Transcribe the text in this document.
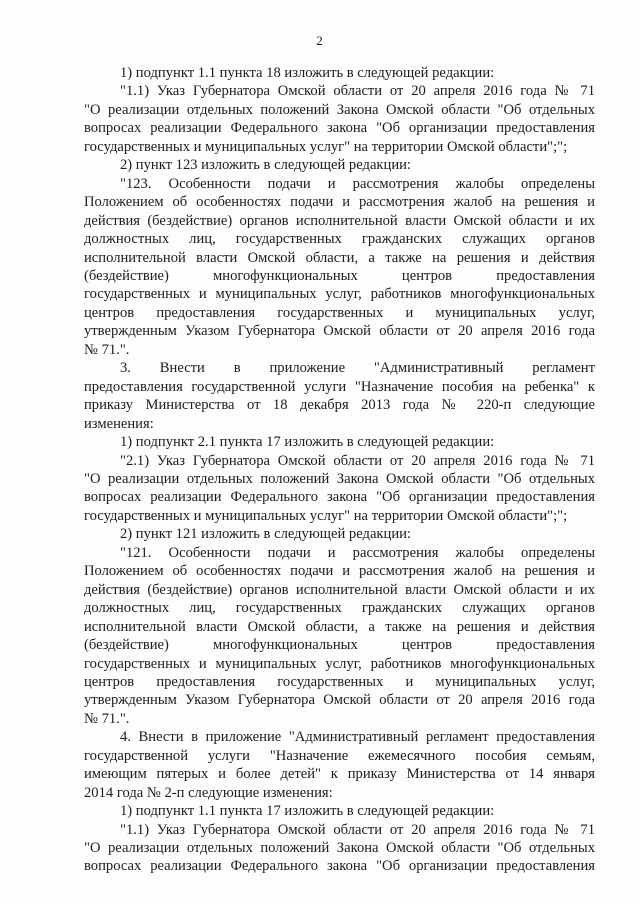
2

1) подпункт 1.1 пункта 18 изложить в следующей редакции:

"1.1) Указ Губернатора Омской области от 20 апреля 2016 года № 71

"О реализации отдельных положений Закона Омской области "Об отдельных

вопросах реализации Федерального закона "Об организации предоставления

государственных и муниципальных услуг" на территории Омской области";";

2) пункт 123 изложить в следующей редакции:

"123. Особенности подачи и рассмотрения жалобы определены

Положением об особенностях подачи и рассмотрения жалоб на решения и

действия (бездействие) органов исполнительной власти Омской области и их

должностных лиц, государственных гражданских служащих органов

исполнительной власти Омской области, а также на решения и действия

(бездействие) многофункциональных центров предоставления

государственных и муниципальных услуг, работников многофункциональных

центров предоставления государственных и муниципальных услуг,

утвержденным Указом Губернатора Омской области от 20 апреля 2016 года

№ 71.".

3. Внести в приложение "Административный регламент

предоставления государственной услуги "Назначение пособия на ребенка" к

приказу Министерства от 18 декабря 2013 года № 220-п следующие

изменения:

1) подпункт 2.1 пункта 17 изложить в следующей редакции:

"2.1) Указ Губернатора Омской области от 20 апреля 2016 года № 71

"О реализации отдельных положений Закона Омской области "Об отдельных

вопросах реализации Федерального закона "Об организации предоставления

государственных и муниципальных услуг" на территории Омской области";";

2) пункт 121 изложить в следующей редакции:

"121. Особенности подачи и рассмотрения жалобы определены

Положением об особенностях подачи и рассмотрения жалоб на решения и

действия (бездействие) органов исполнительной власти Омской области и их

должностных лиц, государственных гражданских служащих органов

исполнительной власти Омской области, а также на решения и действия

(бездействие) многофункциональных центров предоставления

государственных и муниципальных услуг, работников многофункциональных

центров предоставления государственных и муниципальных услуг,

утвержденным Указом Губернатора Омской области от 20 апреля 2016 года

№ 71.".

4. Внести в приложение "Административный регламент предоставления

государственной услуги "Назначение ежемесячного пособия семьям,

имеющим пятерых и более детей" к приказу Министерства от 14 января

2014 года № 2-п следующие изменения:

1) подпункт 1.1 пункта 17 изложить в следующей редакции:

"1.1) Указ Губернатора Омской области от 20 апреля 2016 года № 71

"О реализации отдельных положений Закона Омской области "Об отдельных

вопросах реализации Федерального закона "Об организации предоставления
